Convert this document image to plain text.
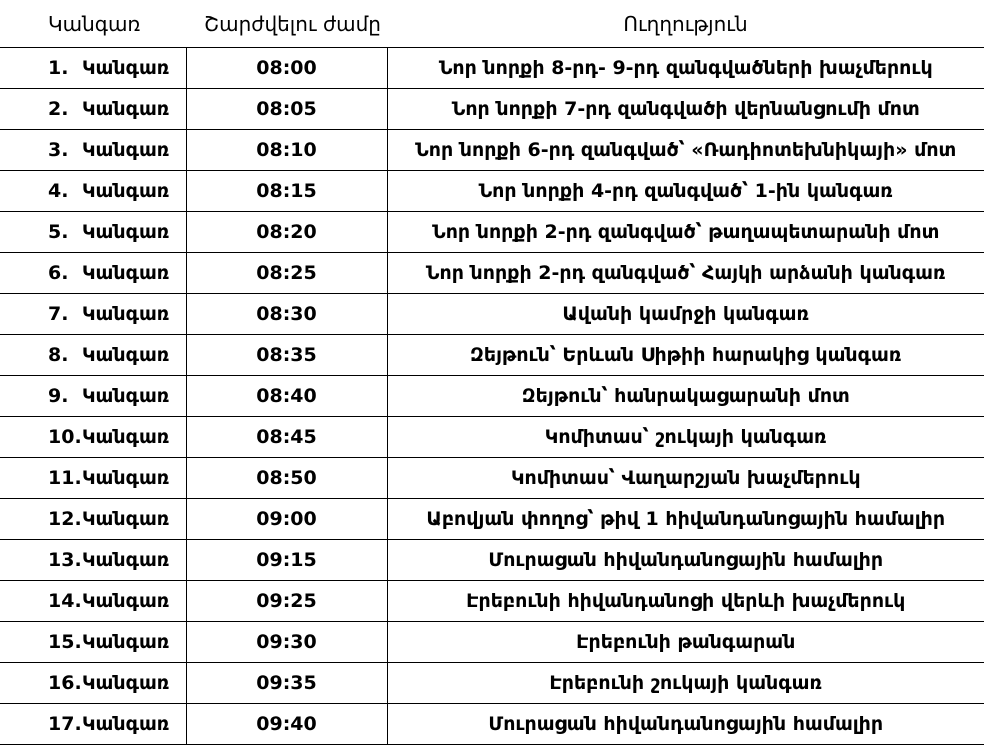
Կանգառ	Շարժվելու ժամը	Ուղղություն
1. Կանգառ	08:00	Նոր նորքի 8-րդ- 9-րդ զանգվածների խաչմերուկ
2. Կանգառ	08:05	Նոր նորքի 7-րդ զանգվածի վերնանցումի մոտ
3. Կանգառ	08:10	Նոր նորքի 6-րդ զանգված՝ «Ռադիոտեխնիկայի» մոտ
4. Կանգառ	08:15	Նոր նորքի 4-րդ զանգված՝ 1-ին կանգառ
5. Կանգառ	08:20	Նոր նորքի 2-րդ զանգված՝ թաղապետարանի մոտ
6. Կանգառ	08:25	Նոր նորքի 2-րդ զանգված՝ Հայկի արձանի կանգառ
7. Կանգառ	08:30	Ավանի կամրջի կանգառ
8. Կանգառ	08:35	Զեյթուն՝ Երևան Սիթիի հարակից կանգառ
9. Կանգառ	08:40	Զեյթուն՝ հանրակացարանի մոտ
10.Կանգառ	08:45	Կոմիտաս՝ շուկայի կանգառ
11.Կանգառ	08:50	Կոմիտաս՝ Վաղարշյան խաչմերուկ
12.Կանգառ	09:00	Աբովյան փողոց՝ թիվ 1 հիվանդանոցային համալիր
13.Կանգառ	09:15	Մուրացան հիվանդանոցային համալիր
14.Կանգառ	09:25	Էրեբունի հիվանդանոցի վերևի խաչմերուկ
15.Կանգառ	09:30	Էրեբունի թանգարան
16.Կանգառ	09:35	Էրեբունի շուկայի կանգառ
17.Կանգառ	09:40	Մուրացան հիվանդանոցային համալիր
